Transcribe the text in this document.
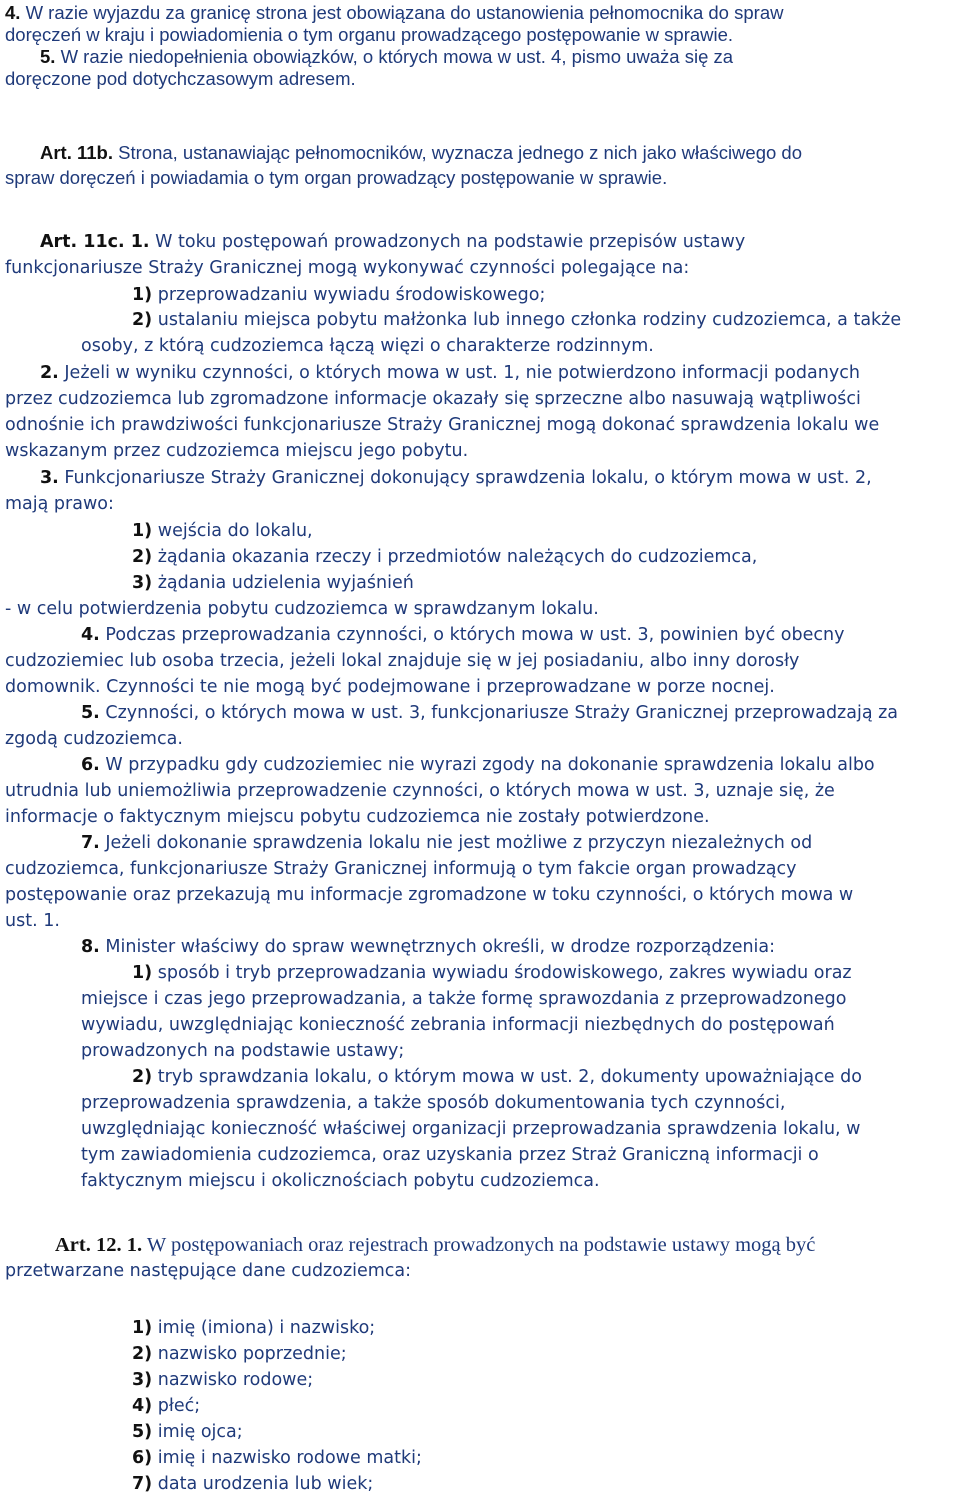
4. W razie wyjazdu za granicę strona jest obowiązana do ustanowienia pełnomocnika do spraw
doręczeń w kraju i powiadomienia o tym organu prowadzącego postępowanie w sprawie.
5. W razie niedopełnienia obowiązków, o których mowa w ust. 4, pismo uważa się za
doręczone pod dotychczasowym adresem.
Art. 11b. Strona, ustanawiając pełnomocników, wyznacza jednego z nich jako właściwego do
spraw doręczeń i powiadamia o tym organ prowadzący postępowanie w sprawie.
Art. 11c. 1. W toku postępowań prowadzonych na podstawie przepisów ustawy
funkcjonariusze Straży Granicznej mogą wykonywać czynności polegające na:
1) przeprowadzaniu wywiadu środowiskowego;
2) ustalaniu miejsca pobytu małżonka lub innego członka rodziny cudzoziemca, a także
osoby, z którą cudzoziemca łączą więzi o charakterze rodzinnym.
2. Jeżeli w wyniku czynności, o których mowa w ust. 1, nie potwierdzono informacji podanych
przez cudzoziemca lub zgromadzone informacje okazały się sprzeczne albo nasuwają wątpliwości
odnośnie ich prawdziwości funkcjonariusze Straży Granicznej mogą dokonać sprawdzenia lokalu we
wskazanym przez cudzoziemca miejscu jego pobytu.
3. Funkcjonariusze Straży Granicznej dokonujący sprawdzenia lokalu, o którym mowa w ust. 2,
mają prawo:
1) wejścia do lokalu,
2) żądania okazania rzeczy i przedmiotów należących do cudzoziemca,
3) żądania udzielenia wyjaśnień
- w celu potwierdzenia pobytu cudzoziemca w sprawdzanym lokalu.
4. Podczas przeprowadzania czynności, o których mowa w ust. 3, powinien być obecny
cudzoziemiec lub osoba trzecia, jeżeli lokal znajduje się w jej posiadaniu, albo inny dorosły
domownik. Czynności te nie mogą być podejmowane i przeprowadzane w porze nocnej.
5. Czynności, o których mowa w ust. 3, funkcjonariusze Straży Granicznej przeprowadzają za
zgodą cudzoziemca.
6. W przypadku gdy cudzoziemiec nie wyrazi zgody na dokonanie sprawdzenia lokalu albo
utrudnia lub uniemożliwia przeprowadzenie czynności, o których mowa w ust. 3, uznaje się, że
informacje o faktycznym miejscu pobytu cudzoziemca nie zostały potwierdzone.
7. Jeżeli dokonanie sprawdzenia lokalu nie jest możliwe z przyczyn niezależnych od
cudzoziemca, funkcjonariusze Straży Granicznej informują o tym fakcie organ prowadzący
postępowanie oraz przekazują mu informacje zgromadzone w toku czynności, o których mowa w
ust. 1.
8. Minister właściwy do spraw wewnętrznych określi, w drodze rozporządzenia:
1) sposób i tryb przeprowadzania wywiadu środowiskowego, zakres wywiadu oraz
miejsce i czas jego przeprowadzania, a także formę sprawozdania z przeprowadzonego
wywiadu, uwzględniając konieczność zebrania informacji niezbędnych do postępowań
prowadzonych na podstawie ustawy;
2) tryb sprawdzania lokalu, o którym mowa w ust. 2, dokumenty upoważniające do
przeprowadzenia sprawdzenia, a także sposób dokumentowania tych czynności,
uwzględniając konieczność właściwej organizacji przeprowadzania sprawdzenia lokalu, w
tym zawiadomienia cudzoziemca, oraz uzyskania przez Straż Graniczną informacji o
faktycznym miejscu i okolicznościach pobytu cudzoziemca.
Art. 12. 1. W postępowaniach oraz rejestrach prowadzonych na podstawie ustawy mogą być
przetwarzane następujące dane cudzoziemca:
1) imię (imiona) i nazwisko;
2) nazwisko poprzednie;
3) nazwisko rodowe;
4) płeć;
5) imię ojca;
6) imię i nazwisko rodowe matki;
7) data urodzenia lub wiek;
